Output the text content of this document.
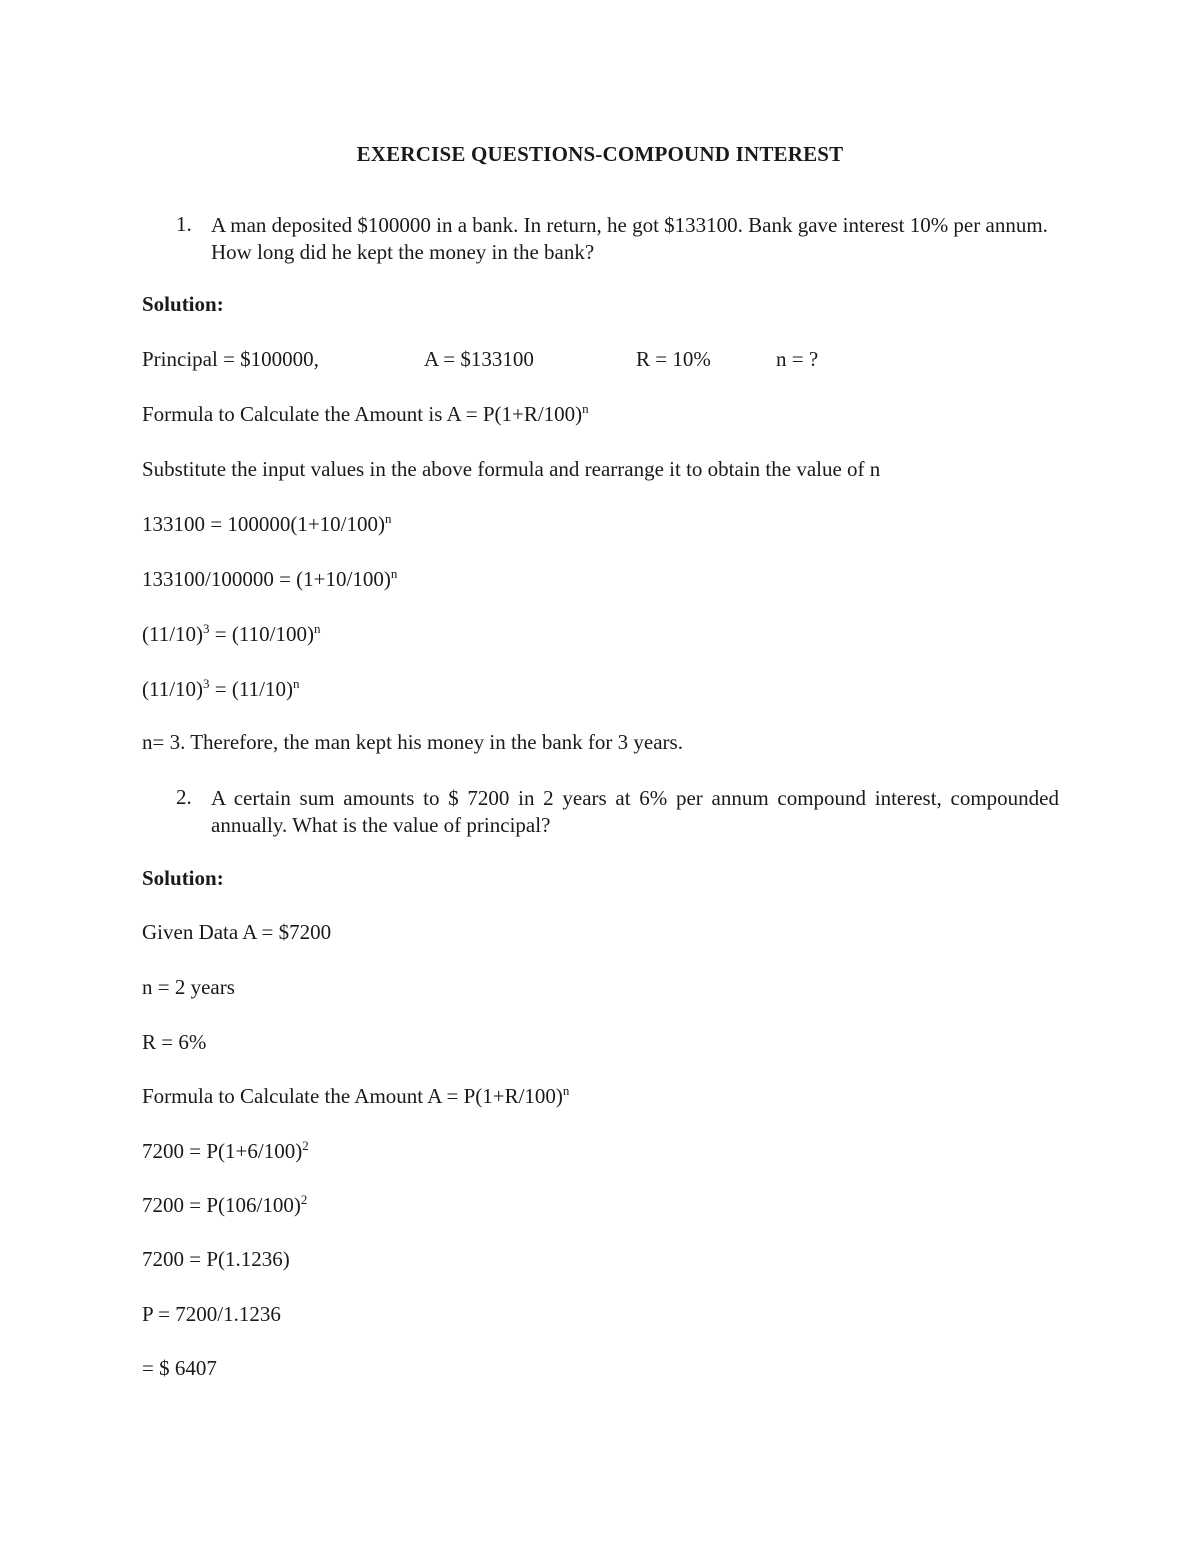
EXERCISE QUESTIONS-COMPOUND INTEREST
1. A man deposited $100000 in a bank. In return, he got $133100. Bank gave interest 10% per annum. How long did he kept the money in the bank?
Solution:
Principal = $100000,	A = $133100	R = 10%	n = ?
Formula to Calculate the Amount is $A = P(1+R/100)^n$
Substitute the input values in the above formula and rearrange it to obtain the value of n
$133100 = 100000(1+10/100)^n$
$133100/100000 = (1+10/100)^n$
$(11/10)^3 = (110/100)^n$
$(11/10)^3 = (11/10)^n$
n= 3. Therefore, the man kept his money in the bank for 3 years.
2. A certain sum amounts to $ 7200 in 2 years at 6% per annum compound interest, compounded annually. What is the value of principal?
Solution:
Given Data A = $7200
n = 2 years
R = 6%
Formula to Calculate the Amount $A = P(1+R/100)^n$
$7200 = P(1+6/100)^2$
$7200 = P(106/100)^2$
7200 = P(1.1236)
P = 7200/1.1236
= $ 6407
